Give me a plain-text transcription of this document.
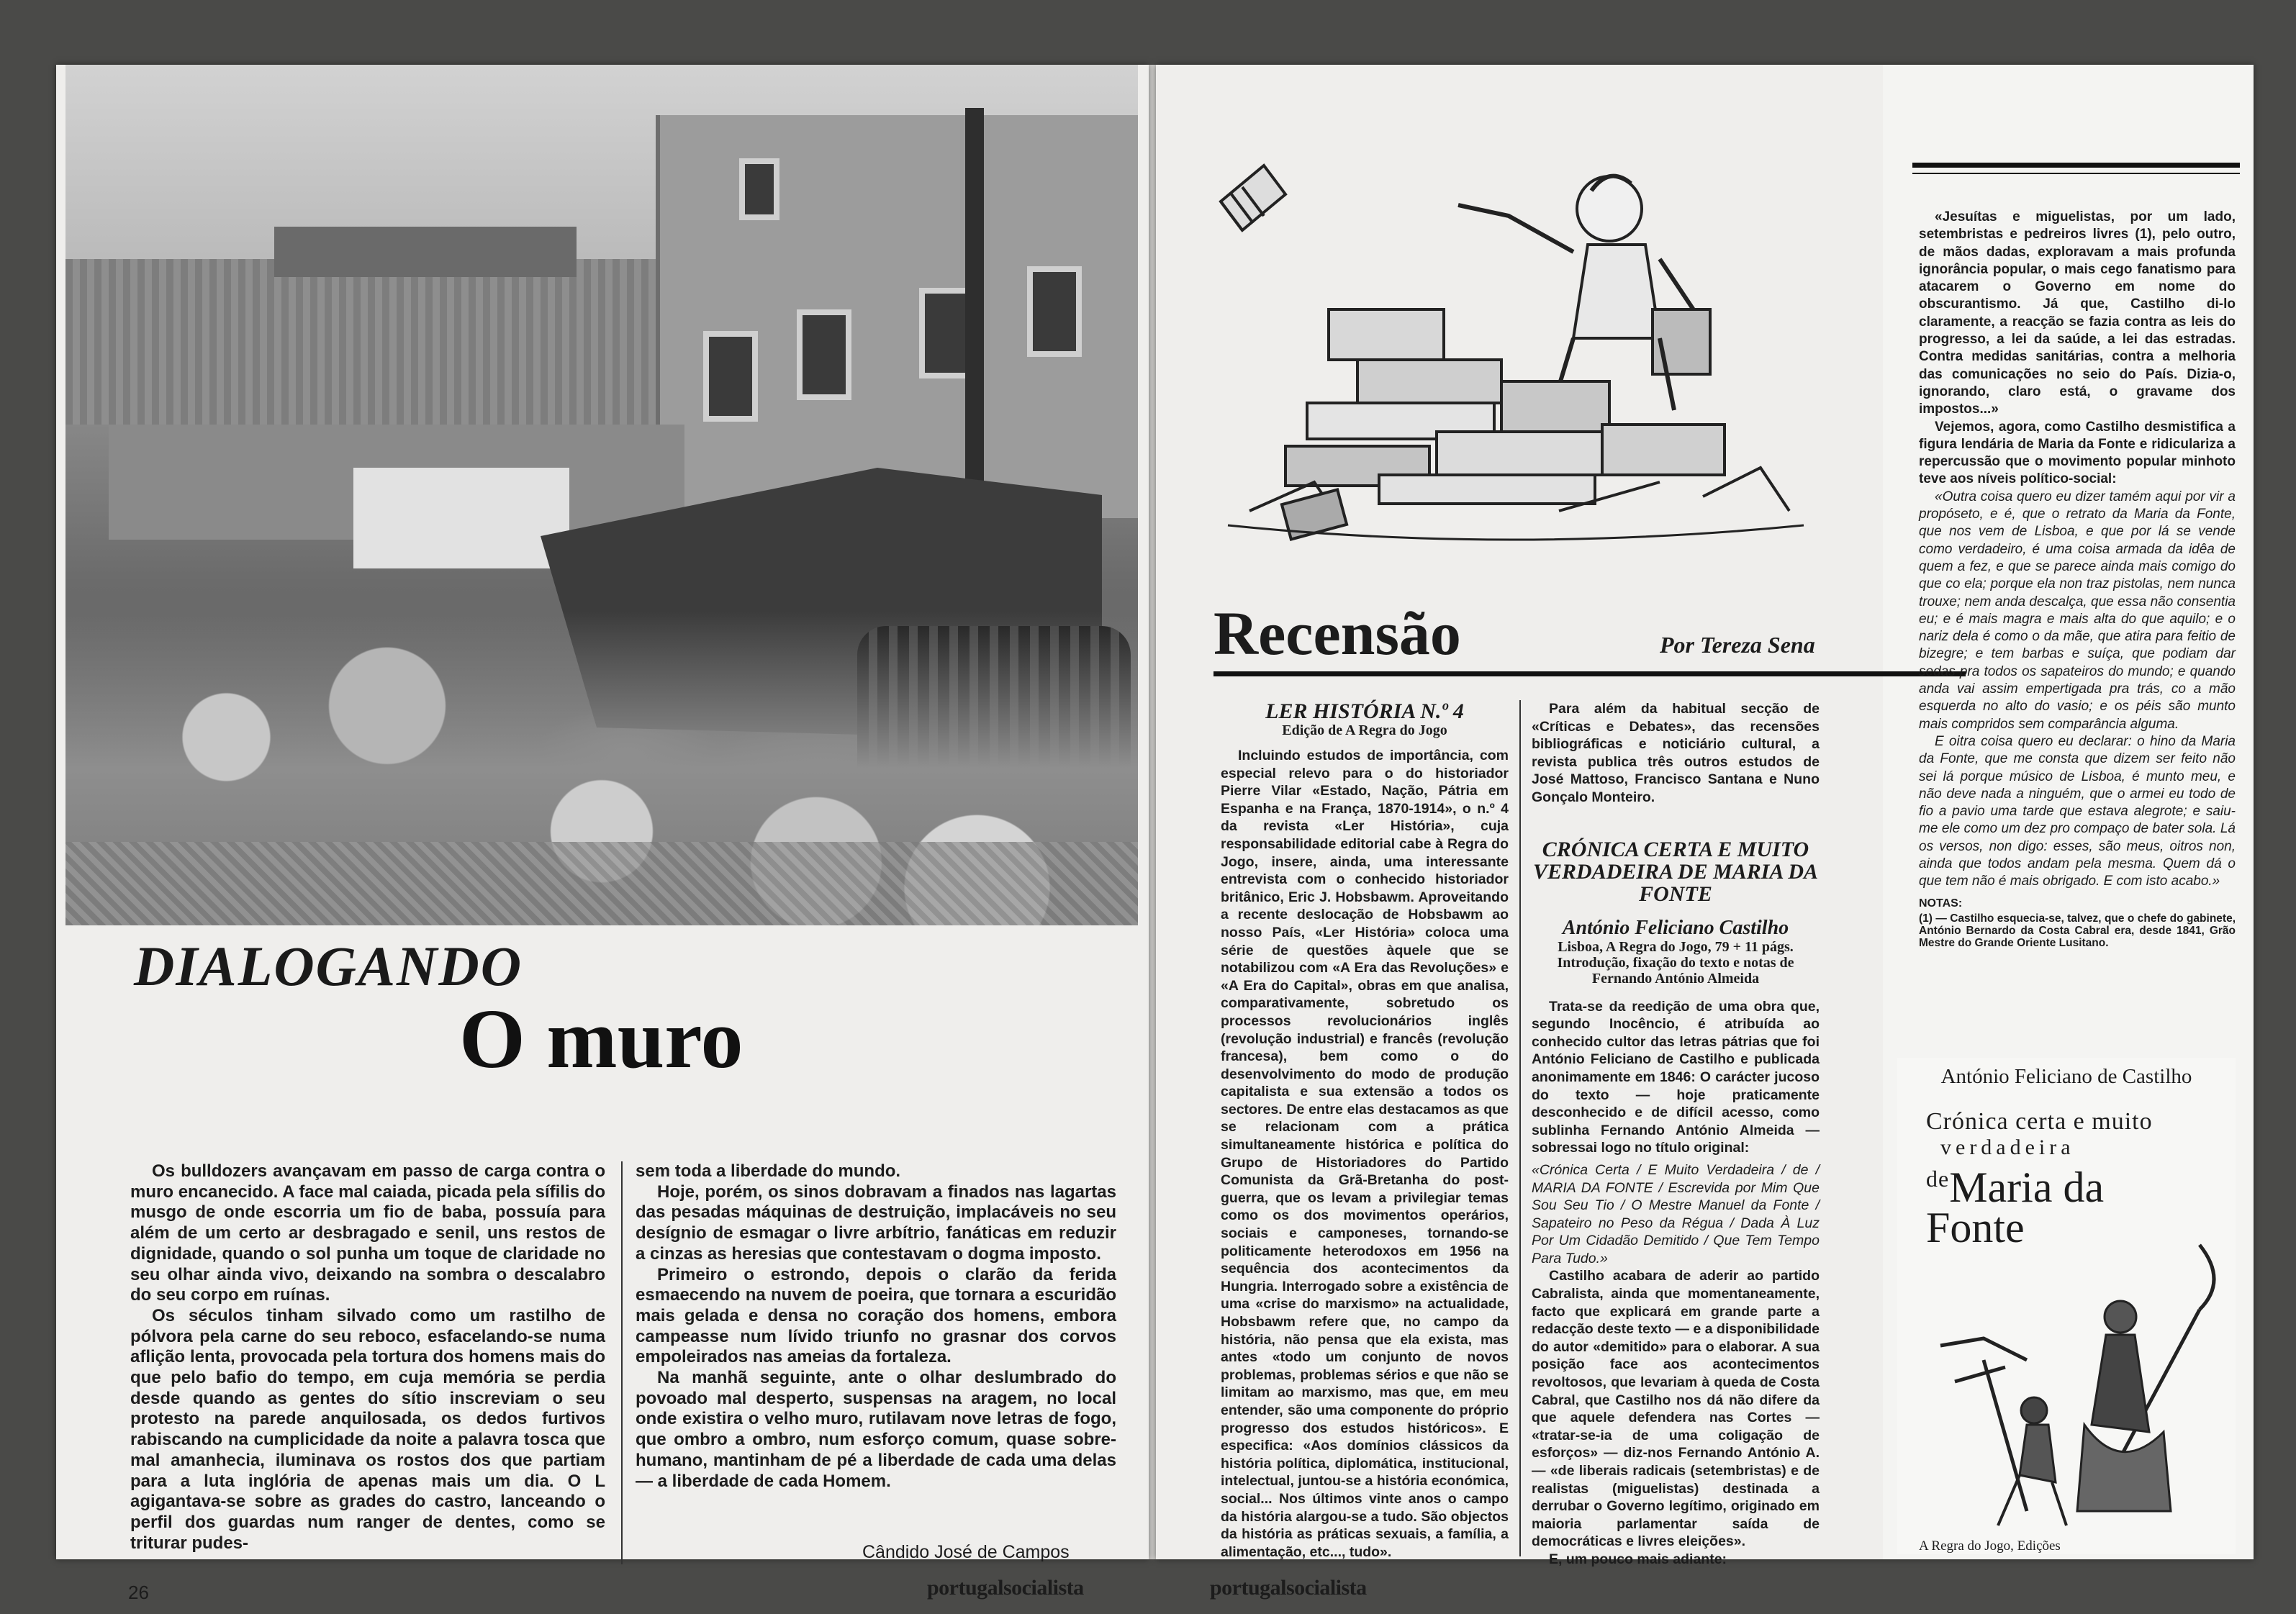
DIALOGANDO
O muro

Os bulldozers avançavam em passo de carga contra o muro encanecido. A face mal caiada, picada pela sífilis do musgo de onde escorria um fio de baba, possuía para além de um certo ar desbragado e senil, uns restos de dignidade, quando o sol punha um toque de claridade no seu olhar ainda vivo, deixando na sombra o descalabro do seu corpo em ruínas.

Os séculos tinham silvado como um rastilho de pólvora pela carne do seu reboco, esfacelando-se numa aflição lenta, provocada pela tortura dos homens mais do que pelo bafio do tempo, em cuja memória se perdia desde quando as gentes do sítio inscreviam o seu protesto na parede anquilosada, os dedos furtivos rabiscando na cumplicidade da noite a palavra tosca que mal amanhecia, iluminava os rostos dos que partiam para a luta inglória de apenas mais um dia. O L agigantava-se sobre as grades do castro, lanceando o perfil dos guardas num ranger de dentes, como se triturar pudes-

sem toda a liberdade do mundo.

Hoje, porém, os sinos dobravam a finados nas lagartas das pesadas máquinas de destruição, implacáveis no seu desígnio de esmagar o livre arbítrio, fanáticas em reduzir a cinzas as heresias que contestavam o dogma imposto.

Primeiro o estrondo, depois o clarão da ferida esmaecendo na nuvem de poeira, que tornara a escuridão mais gelada e densa no coração dos homens, embora campeasse num lívido triunfo no grasnar dos corvos empoleirados nas ameias da fortaleza.

Na manhã seguinte, ante o olhar deslumbrado do povoado mal desperto, suspensas na aragem, no local onde existira o velho muro, rutilavam nove letras de fogo, que ombro a ombro, num esforço comum, quase sobre-humano, mantinham de pé a liberdade de cada uma delas — a liberdade de cada Homem.

Cândido José de Campos
26	portugalsocialista
Recensão	Por Tereza Sena

LER HISTÓRIA N.º 4

Edição de A Regra do Jogo

Incluindo estudos de importância, com especial relevo para o do historiador Pierre Vilar «Estado, Nação, Pátria em Espanha e na França, 1870-1914», o n.º 4 da revista «Ler História», cuja responsabilidade editorial cabe à Regra do Jogo, insere, ainda, uma interessante entrevista com o conhecido historiador britânico, Eric J. Hobsbawm. Aproveitando a recente deslocação de Hobsbawm ao nosso País, «Ler História» coloca uma série de questões àquele que se notabilizou com «A Era das Revoluções» e «A Era do Capital», obras em que analisa, comparativamente, sobretudo os processos revolucionários inglês (revolução industrial) e francês (revolução francesa), bem como o do desenvolvimento do modo de produção capitalista e sua extensão a todos os sectores. De entre elas destacamos as que se relacionam com a prática simultaneamente histórica e política do Grupo de Historiadores do Partido Comunista da Grã-Bretanha do post-guerra, que os levam a privilegiar temas como os dos movimentos operários, sociais e camponeses, tornando-se politicamente heterodoxos em 1956 na sequência dos acontecimentos da Hungria. Interrogado sobre a existência de uma «crise do marxismo» na actualidade, Hobsbawm refere que, no campo da história, não pensa que ela exista, mas antes «todo um conjunto de novos problemas, problemas sérios e que não se limitam ao marxismo, mas que, em meu entender, são uma componente do próprio progresso dos estudos históricos». E especifica: «Aos domínios clássicos da história política, diplomática, institucional, intelectual, juntou-se a história económica, social... Nos últimos vinte anos o campo da história alargou-se a tudo. São objectos da história as práticas sexuais, a família, a alimentação, etc..., tudo».

Para além da habitual secção de «Críticas e Debates», das recensões bibliográficas e noticiário cultural, a revista publica três outros estudos de José Mattoso, Francisco Santana e Nuno Gonçalo Monteiro.

CRÓNICA CERTA E MUITO VERDADEIRA DE MARIA DA FONTE

António Feliciano Castilho

Lisboa, A Regra do Jogo, 79 + 11 págs. Introdução, fixação do texto e notas de Fernando António Almeida

Trata-se da reedição de uma obra que, segundo Inocêncio, é atribuída ao conhecido cultor das letras pátrias que foi António Feliciano de Castilho e publicada anonimamente em 1846: O carácter jucoso do texto — hoje praticamente desconhecido e de difícil acesso, como sublinha Fernando António Almeida — sobressai logo no título original:

«Crónica Certa / E Muito Verdadeira / de / MARIA DA FONTE / Escrevida por Mim Que Sou Seu Tio / O Mestre Manuel da Fonte / Sapateiro no Peso da Régua / Dada À Luz Por Um Cidadão Demitido / Que Tem Tempo Para Tudo.»

Castilho acabara de aderir ao partido Cabralista, ainda que momentaneamente, facto que explicará em grande parte a redacção deste texto — e a disponibilidade do autor «demitido» para o elaborar. A sua posição face aos acontecimentos revoltosos, que levariam à queda de Costa Cabral, que Castilho nos dá não difere da que aquele defendera nas Cortes — «tratar-se-ia de uma coligação de esforços» — diz-nos Fernando António A. — «de liberais radicais (setembristas) e de realistas (miguelistas) destinada a derrubar o Governo legítimo, originado em maioria parlamentar saída de democráticas e livres eleições».

E, um pouco mais adiante:

«Jesuítas e miguelistas, por um lado, setembristas e pedreiros livres (1), pelo outro, de mãos dadas, exploravam a mais profunda ignorância popular, o mais cego fanatismo para atacarem o Governo em nome do obscurantismo. Já que, Castilho di-lo claramente, a reacção se fazia contra as leis do progresso, a lei da saúde, a lei das estradas. Contra medidas sanitárias, contra a melhoria das comunicações no seio do País. Dizia-o, ignorando, claro está, o gravame dos impostos...»

Vejemos, agora, como Castilho desmistifica a figura lendária de Maria da Fonte e ridiculariza a repercussão que o movimento popular minhoto teve aos níveis político-social:

«Outra coisa quero eu dizer tamém aqui por vir a propóseto, e é, que o retrato da Maria da Fonte, que nos vem de Lisboa, e que por lá se vende como verdadeiro, é uma coisa armada da idêa de quem a fez, e que se parece ainda mais comigo do que co ela; porque ela non traz pistolas, nem nunca trouxe; nem anda descalça, que essa não consentia eu; e é mais magra e mais alta do que aquilo; e o nariz dela é como o da mãe, que atira para feitio de bizegre; e tem barbas e suíça, que podiam dar sedas pra todos os sapateiros do mundo; e quando anda vai assim empertigada pra trás, co a mão esquerda no alto do vasio; e os péis são munto mais compridos sem comparância alguma.

E oitra coisa quero eu declarar: o hino da Maria da Fonte, que me consta que dizem ser feito não sei lá porque músico de Lisboa, é munto meu, e não deve nada a ninguém, que o armei eu todo de fio a pavio uma tarde que estava alegrote; e saiu-me ele como um dez pro compaço de bater sola. Lá os versos, non digo: esses, são meus, oitros non, ainda que todos andam pela mesma. Quem dá o que tem não é mais obrigado. E com isto acabo.»

NOTAS:

(1) — Castilho esquecia-se, talvez, que o chefe do gabinete, António Bernardo da Costa Cabral era, desde 1841, Grão Mestre do Grande Oriente Lusitano.

António Feliciano de Castilho
Crónica certa e muito
verdadeira
deMaria da
Fonte
A Regra do Jogo, Edições
portugalsocialista
